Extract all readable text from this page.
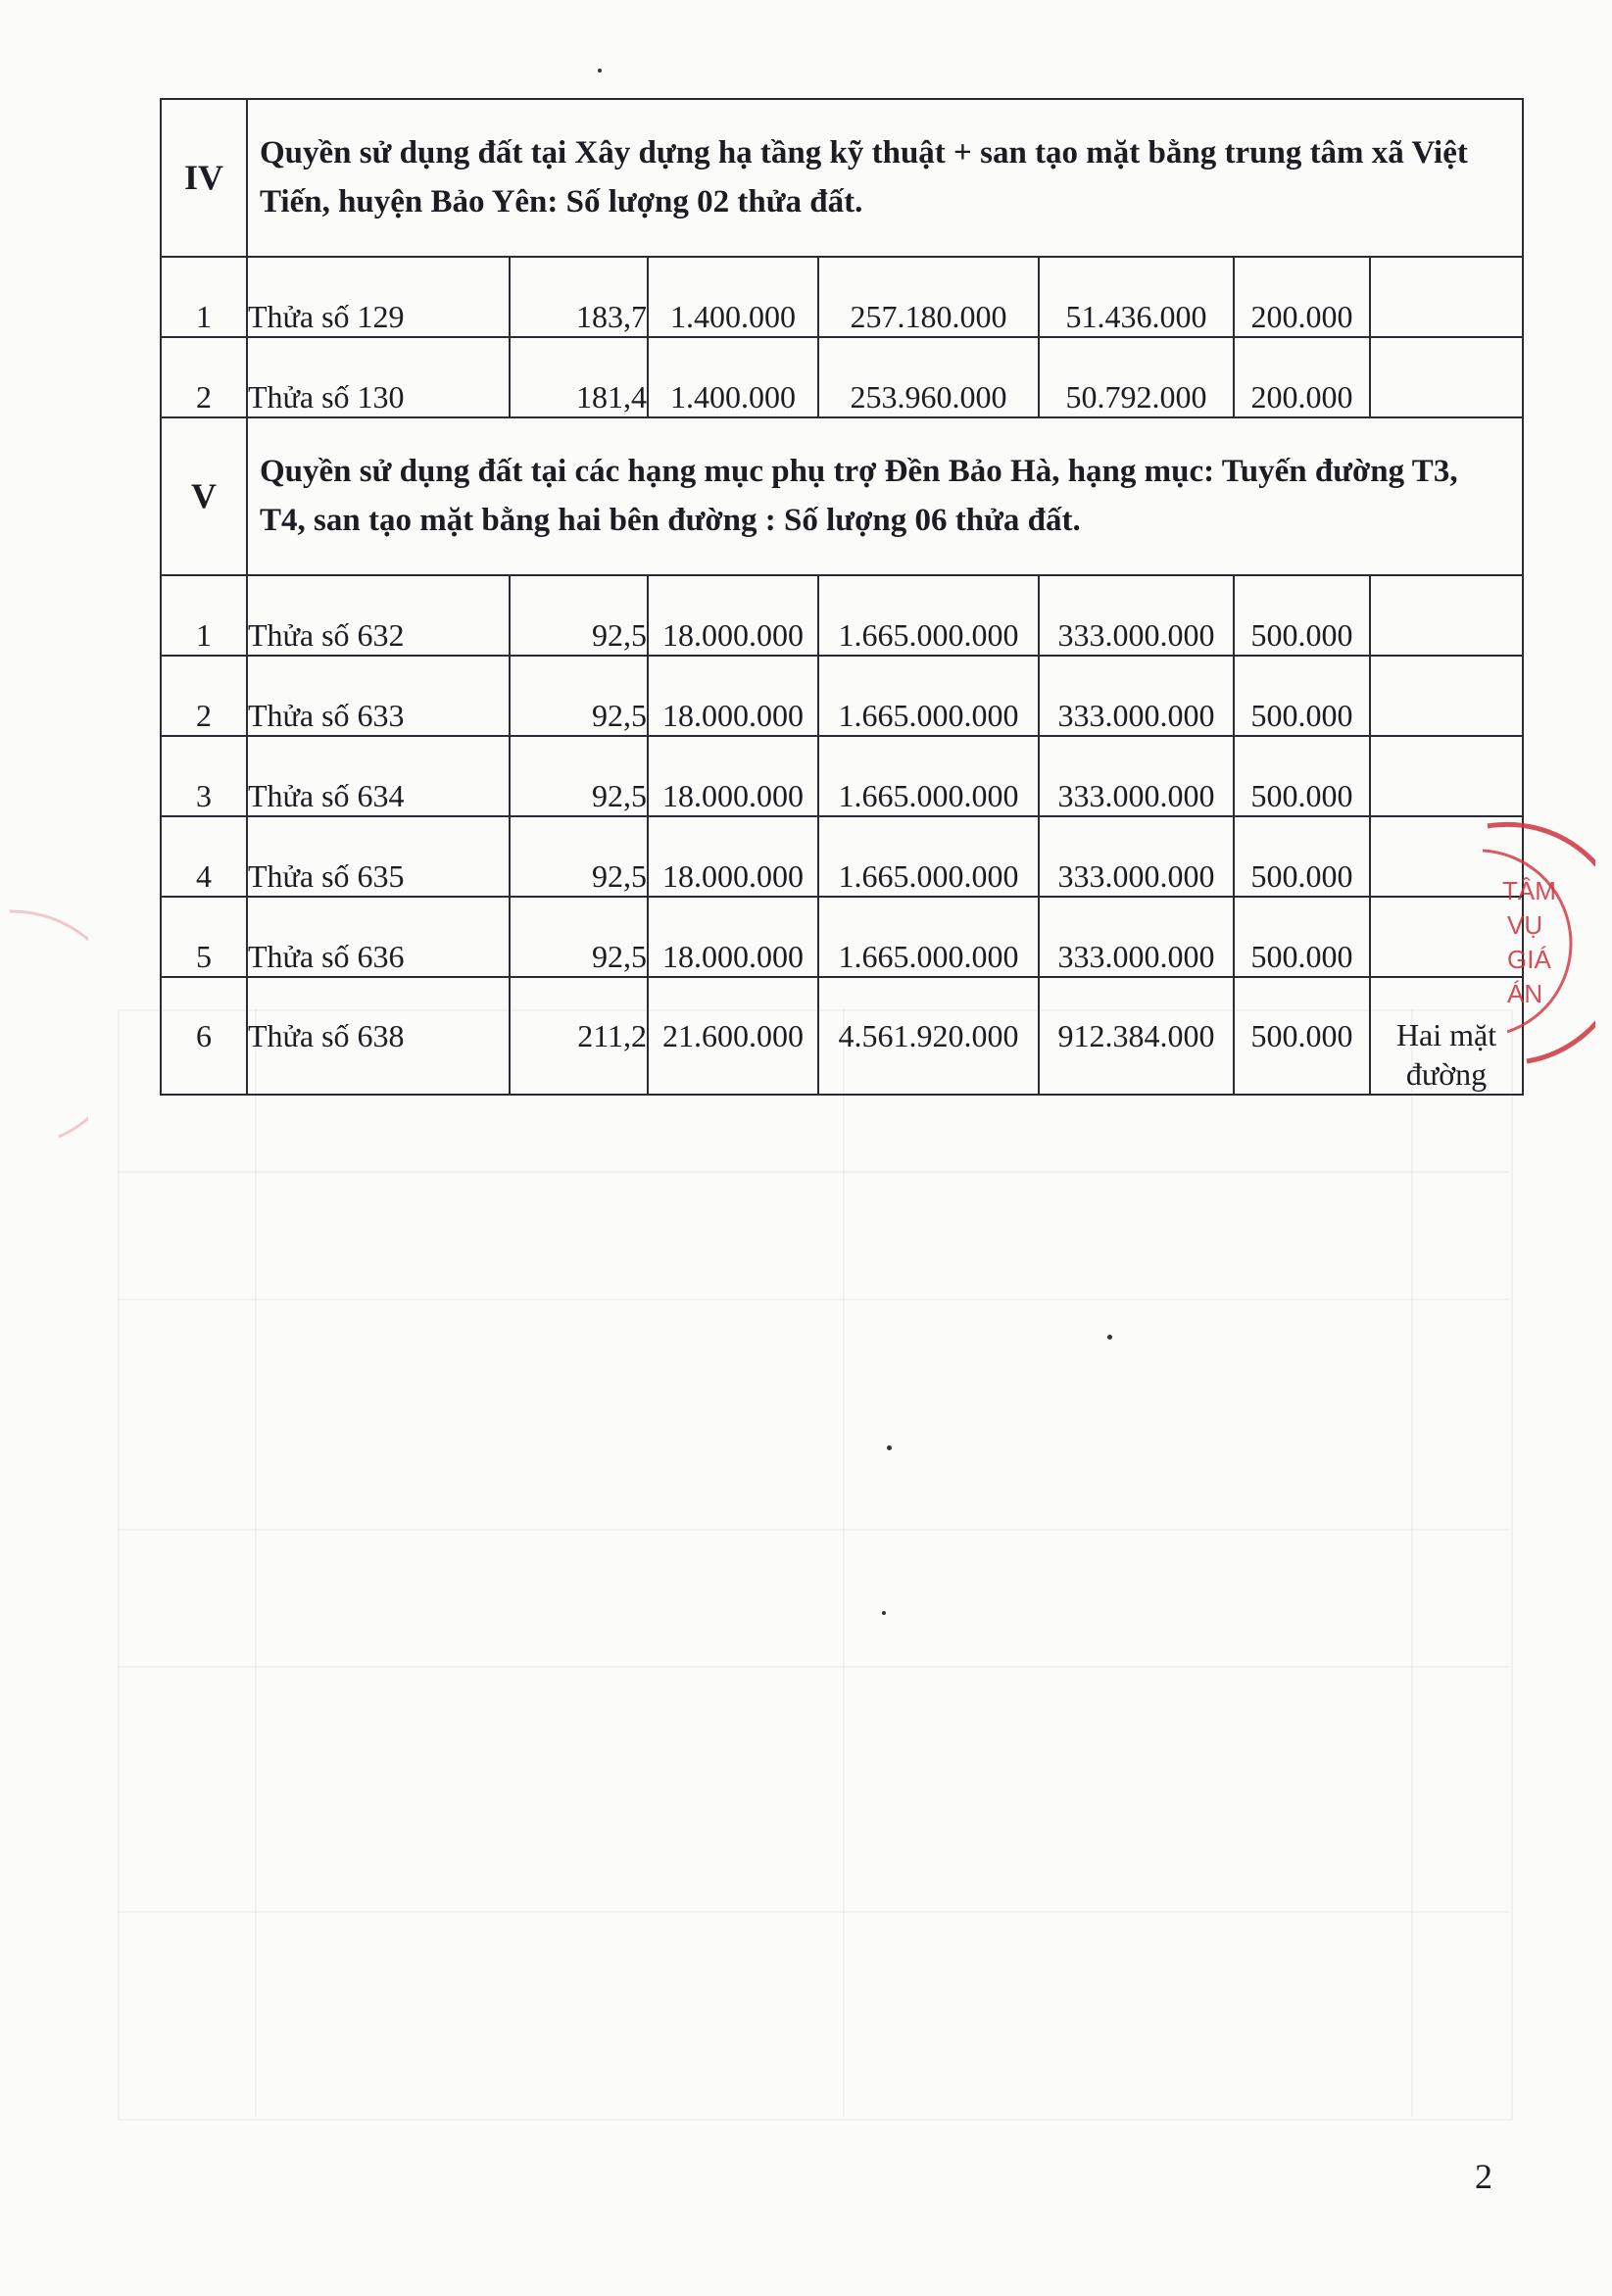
IV	Quyền sử dụng đất tại Xây dựng hạ tầng kỹ thuật + san tạo mặt bằng trung tâm xã Việt Tiến, huyện Bảo Yên: Số lượng 02 thửa đất.						
1	Thửa số 129	183,7	1.400.000	257.180.000	51.436.000	200.000	
2	Thửa số 130	181,4	1.400.000	253.960.000	50.792.000	200.000	
V	Quyền sử dụng đất tại các hạng mục phụ trợ Đền Bảo Hà, hạng mục: Tuyến đường T3, T4, san tạo mặt bằng hai bên đường : Số lượng 06 thửa đất.						
1	Thửa số 632	92,5	18.000.000	1.665.000.000	333.000.000	500.000	
2	Thửa số 633	92,5	18.000.000	1.665.000.000	333.000.000	500.000	
3	Thửa số 634	92,5	18.000.000	1.665.000.000	333.000.000	500.000	
4	Thửa số 635	92,5	18.000.000	1.665.000.000	333.000.000	500.000	
5	Thửa số 636	92,5	18.000.000	1.665.000.000	333.000.000	500.000	
6	Thửa số 638	211,2	21.600.000	4.561.920.000	912.384.000	500.000	Hai mặt đường
TÂM
VỤ
GIÁ
ÁN
2
